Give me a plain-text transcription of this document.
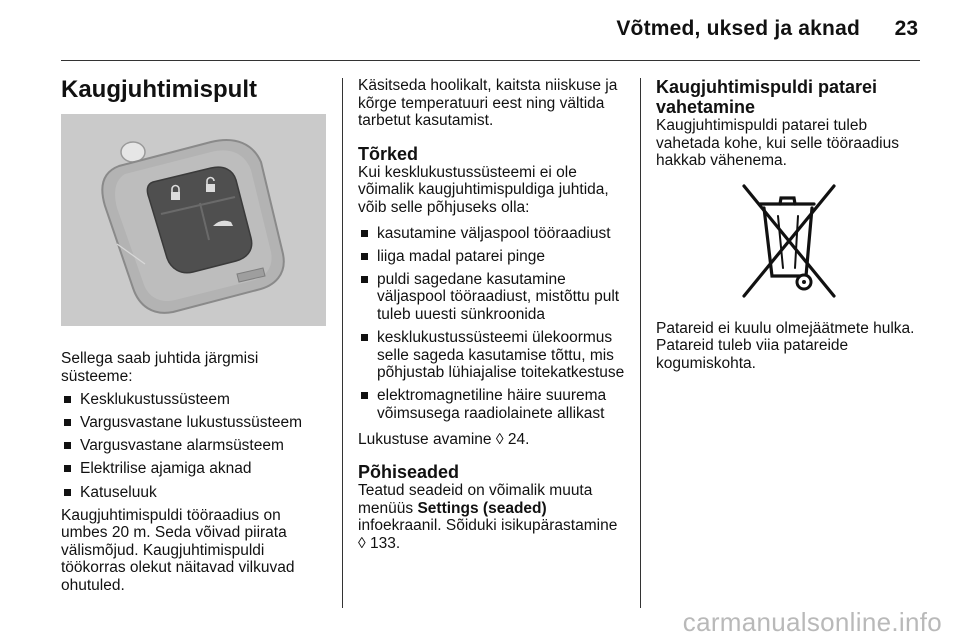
Võtmed, uksed ja aknad 23
Kaugjuhtimispult

Sellega saab juhtida järgmisi süsteeme:

Kesklukustussüsteem
Vargusvastane lukustussüsteem
Vargusvastane alarmsüsteem
Elektrilise ajamiga aknad
Katuseluuk

Kaugjuhtimispuldi tööraadius on umbes 20 m. Seda võivad piirata välismõjud. Kaugjuhtimispuldi töökorras olekut näitavad vilkuvad ohutuled.

Käsitseda hoolikalt, kaitsta niiskuse ja kõrge temperatuuri eest ning vältida tarbetut kasutamist.

Tõrked

Kui kesklukustussüsteemi ei ole võimalik kaugjuhtimispuldiga juhtida, võib selle põhjuseks olla:

kasutamine väljaspool tööraadiust
liiga madal patarei pinge
puldi sagedane kasutamine väljaspool tööraadiust, mistõttu pult tuleb uuesti sünkroonida
kesklukustussüsteemi ülekoormus selle sageda kasutamise tõttu, mis põhjustab lühiajalise toitekatkestuse
elektromagnetiline häire suurema võimsusega raadiolainete allikast

Lukustuse avamine ◊ 24.

Põhiseaded

Teatud seadeid on võimalik muuta menüüs Settings (seaded) infoekraanil. Sõiduki isikupärastamine ◊ 133.

Kaugjuhtimispuldi patarei vahetamine

Kaugjuhtimispuldi patarei tuleb vahetada kohe, kui selle tööraadius hakkab vähenema.

Patareid ei kuulu olmejäätmete hulka. Patareid tuleb viia patareide kogumiskohta.

carmanualsonline.info
